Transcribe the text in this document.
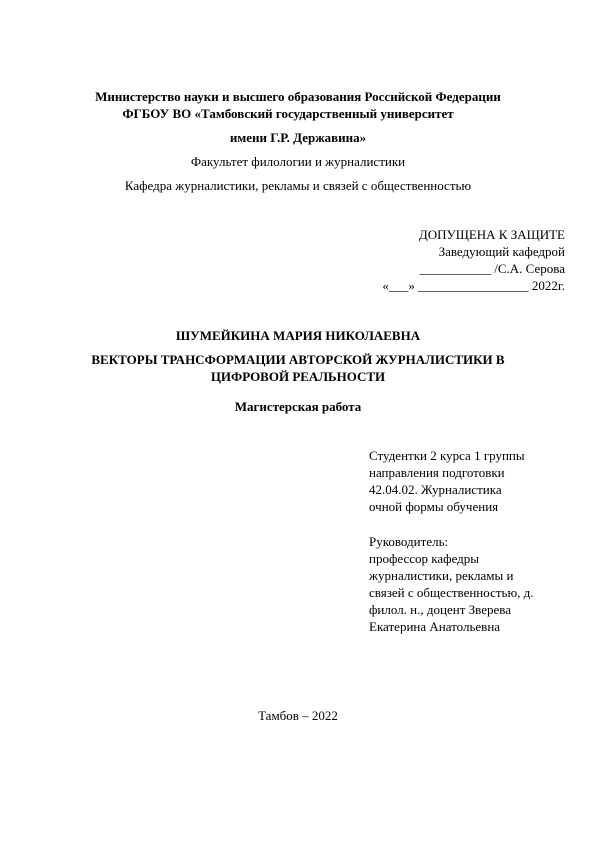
Министерство науки и высшего образования Российской Федерации
ФГБОУ ВО «Тамбовский государственный университет
имени Г.Р. Державина»
Факультет филологии и журналистики
Кафедра журналистики, рекламы и связей с общественностью
ДОПУЩЕНА К ЗАЩИТЕ
Заведующий кафедрой
___________ /С.А. Серова
«___» _________________ 2022г.
ШУМЕЙКИНА МАРИЯ НИКОЛАЕВНА
ВЕКТОРЫ ТРАНСФОРМАЦИИ АВТОРСКОЙ ЖУРНАЛИСТИКИ В
ЦИФРОВОЙ РЕАЛЬНОСТИ
Магистерская работа
Студентки 2 курса 1 группы
направления подготовки
42.04.02. Журналистика
очной формы обучения
Руководитель:
профессор кафедры
журналистики, рекламы и
связей с общественностью, д.
филол. н., доцент Зверева
Екатерина Анатольевна
Тамбов – 2022
